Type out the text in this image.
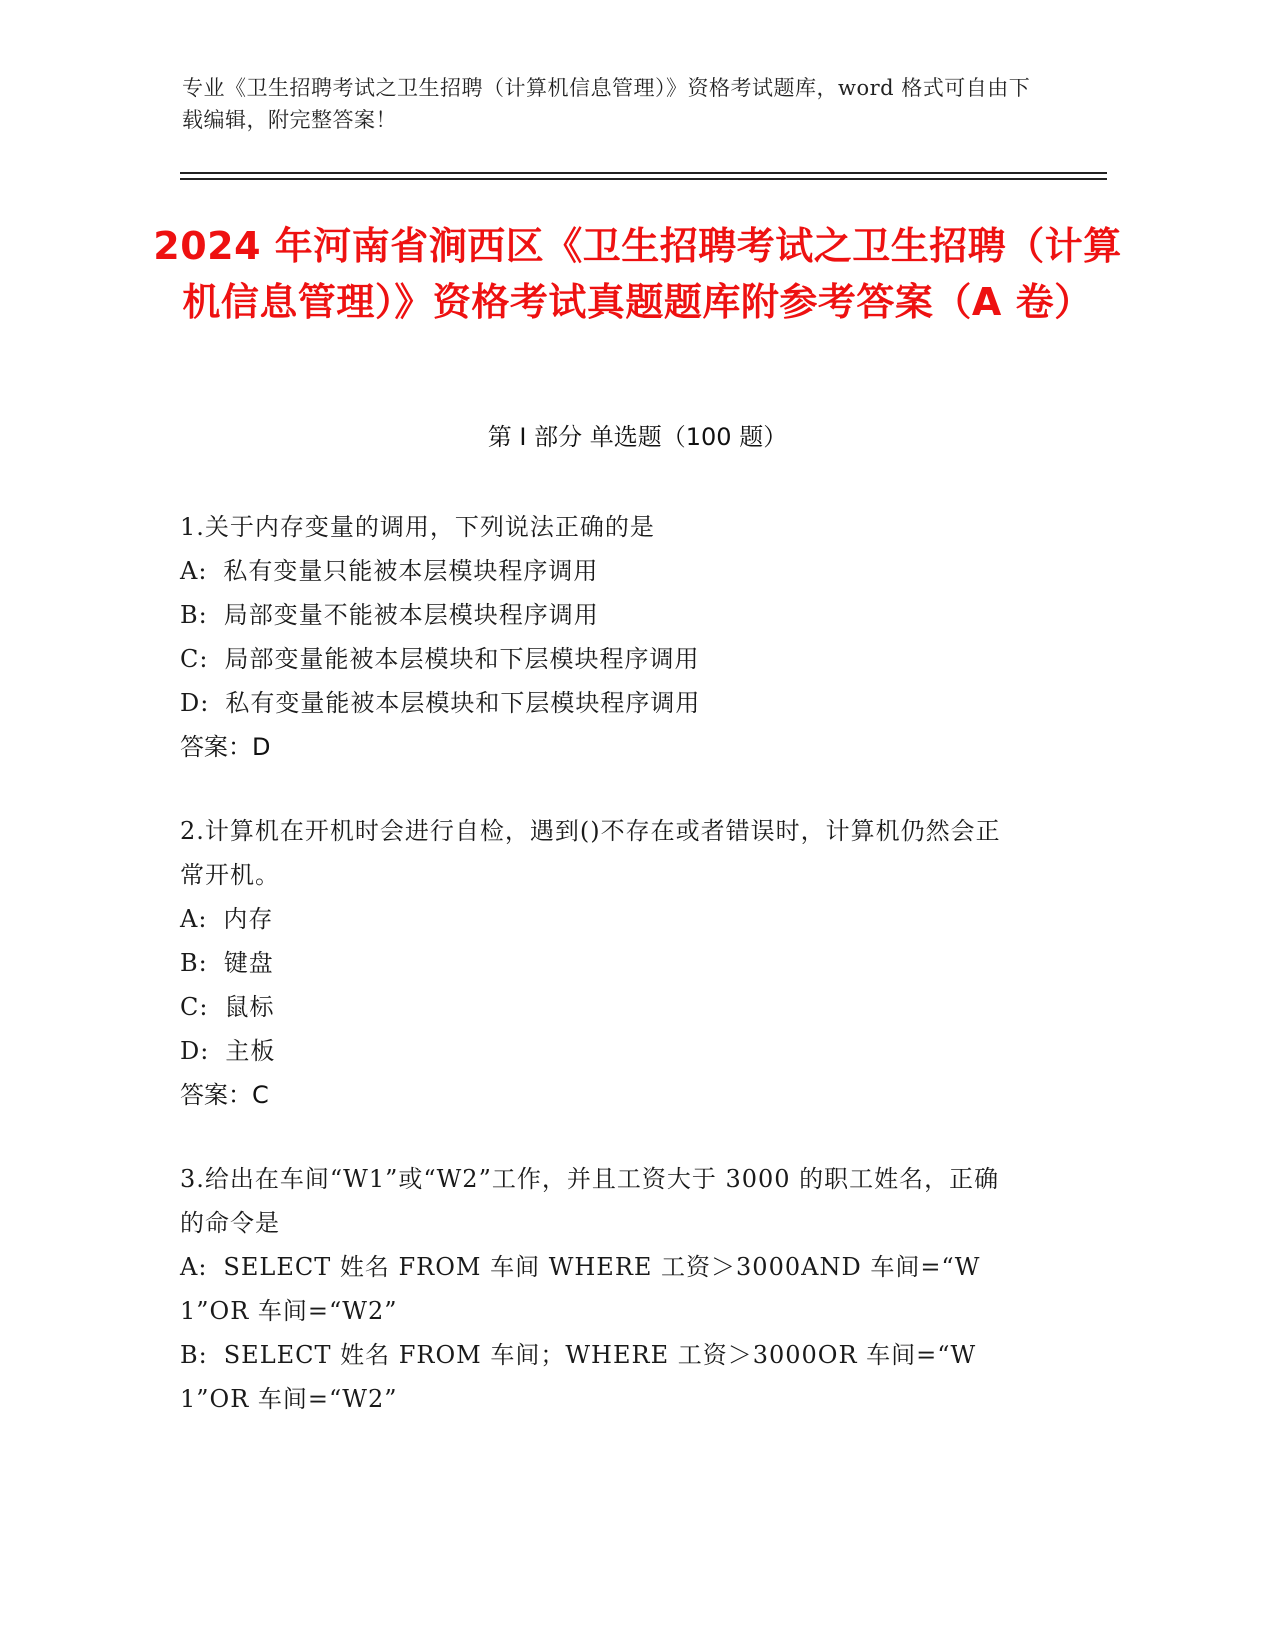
专业《卫生招聘考试之卫生招聘（计算机信息管理）》资格考试题库，word 格式可自由下载编辑，附完整答案！
2024 年河南省涧西区《卫生招聘考试之卫生招聘（计算机信息管理）》资格考试真题题库附参考答案（A 卷）
第 I 部分 单选题（100 题）
1.关于内存变量的调用，下列说法正确的是
A: 私有变量只能被本层模块程序调用
B: 局部变量不能被本层模块程序调用
C: 局部变量能被本层模块和下层模块程序调用
D: 私有变量能被本层模块和下层模块程序调用
答案：D
2.计算机在开机时会进行自检，遇到()不存在或者错误时，计算机仍然会正常开机。
A: 内存
B: 键盘
C: 鼠标
D: 主板
答案：C
3.给出在车间“W1”或“W2”工作，并且工资大于 3000 的职工姓名，正确的命令是
A: SELECT 姓名 FROM 车间 WHERE 工资＞3000AND 车间=“W1”OR 车间=“W2”
B: SELECT 姓名 FROM 车间；WHERE 工资＞3000OR 车间=“W1”OR 车间=“W2”
